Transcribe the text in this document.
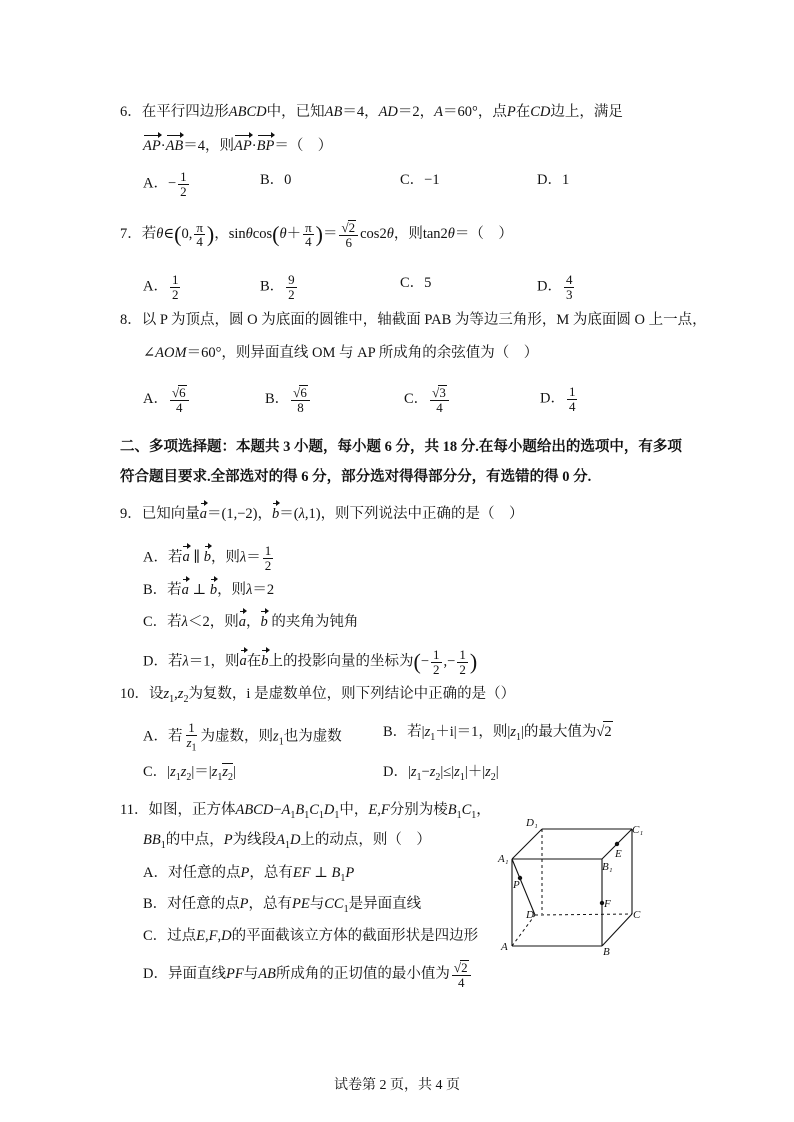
6．在平行四边形ABCD中，已知AB＝4，AD＝2，A＝60°，点P在CD边上，满足
AP·AB＝4，则AP·BP＝（　）
A．− $\frac{1}{2}$	B．0	C．−1	D．1
7．若θ∈(0, $\frac{\pi}{4}$ )，$\sin\theta\cos(\theta+ \frac{\pi}{4}$ )＝ $\frac{√2}{6} \cos 2\theta$，则tan2θ＝（　）
A． $\frac{1}{2}$	B． $\frac{9}{2}$	C．5	D． $\frac{4}{3}$
8．以 P 为顶点，圆 O 为底面的圆锥中，轴截面 PAB 为等边三角形，M 为底面圆 O 上一点，
∠AOM＝60°，则异面直线 OM 与 AP 所成角的余弦值为（　）
A． $\frac{√6}{4}$	B． $\frac{√6}{8}$	C． $\frac{√3}{4}$	D． $\frac{1}{4}$
二、多项选择题：本题共 3 小题，每小题 6 分，共 18 分.在每小题给出的选项中，有多项
符合题目要求.全部选对的得 6 分，部分选对得得部分分，有选错的得 0 分.
9．已知向量a＝(1,−2)，b＝(λ,1)，则下列说法中正确的是（　）
A．若a ∥ b，则$\lambda= \frac{1}{2}$
B．若a ⊥ b，则λ＝2
C．若λ＜2，则a，b 的夹角为钝角
D．若λ＝1，则a在b上的投影向量的坐标为(− $\frac{1}{2}$ ,− $\frac{1}{2}$ )
10．设$z_1,z_2$为复数，i 是虚数单位，则下列结论中正确的是（）
A．若 $\frac{1}{z_1}$ 为虚数，则$z_1$也为虚数	B．若$|z_1+i|=1$，则$|z_1|$的最大值为√2
C．$|z_1z_2|=|z_1z_2|$	D．$|z_1-z_2|\le|z_1|+|z_2|$
11．如图，正方体$ABCD-A_1B_1C_1D_1$中，E,F分别为棱$B_1C_1$，
$BB_1$的中点，P为线段$A_1D$上的动点，则（　）
A．对任意的点P，总有EF ⊥ $B_1P$
B．对任意的点P，总有PE与$CC_1$是异面直线
C．过点E,F,D的平面截该立方体的截面形状是四边形
D．异面直线PF与AB所成角的正切值的最小值为 $\frac{√2}{4}$
D₁
C₁
A₁
B₁
E
P
D
F
C
A	B
试卷第 2 页，共 4 页
